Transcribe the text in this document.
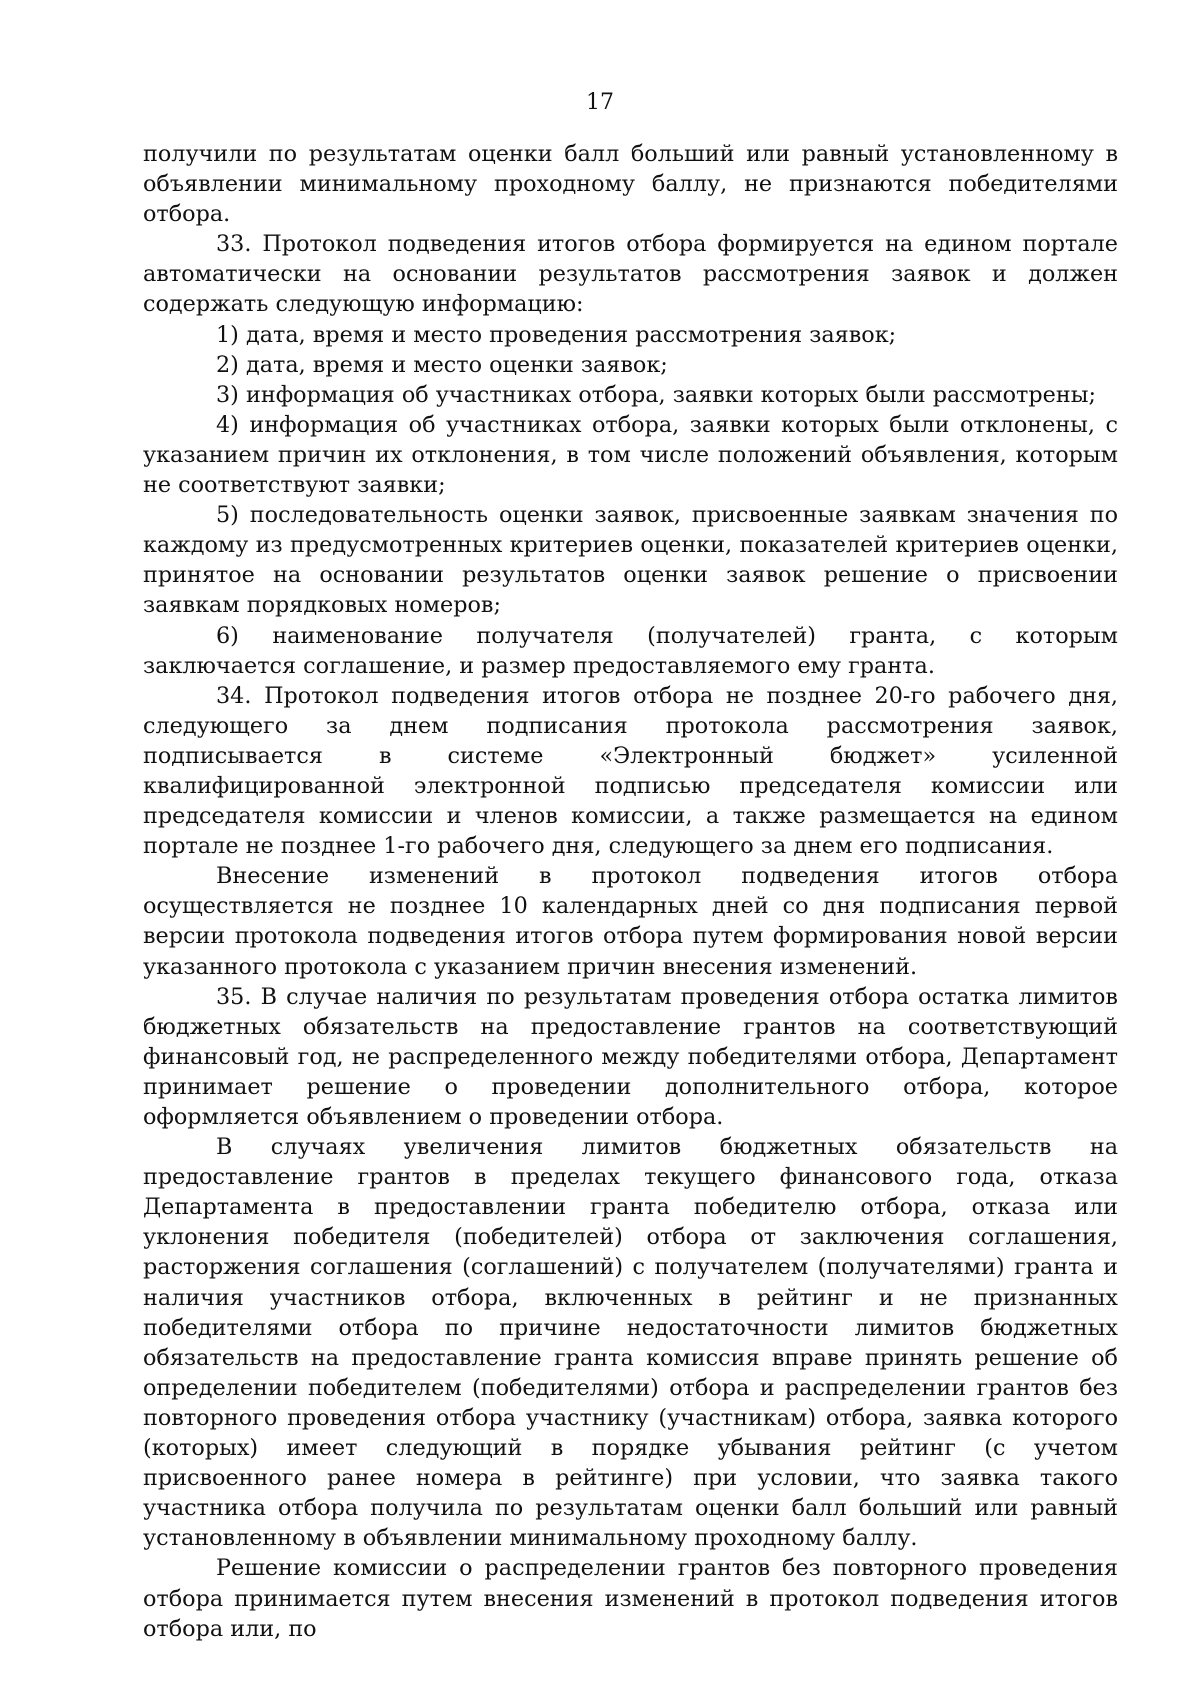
17

получили по результатам оценки балл больший или равный установленному в объявлении минимальному проходному баллу, не признаются победителями отбора.

33. Протокол подведения итогов отбора формируется на едином портале автоматически на основании результатов рассмотрения заявок и должен содержать следующую информацию:

1) дата, время и место проведения рассмотрения заявок;

2) дата, время и место оценки заявок;

3) информация об участниках отбора, заявки которых были рассмотрены;

4) информация об участниках отбора, заявки которых были отклонены, с указанием причин их отклонения, в том числе положений объявления, которым не соответствуют заявки;

5) последовательность оценки заявок, присвоенные заявкам значения по каждому из предусмотренных критериев оценки, показателей критериев оценки, принятое на основании результатов оценки заявок решение о присвоении заявкам порядковых номеров;

6) наименование получателя (получателей) гранта, с которым заключается соглашение, и размер предоставляемого ему гранта.

34. Протокол подведения итогов отбора не позднее 20-го рабочего дня, следующего за днем подписания протокола рассмотрения заявок, подписывается в системе «Электронный бюджет» усиленной квалифицированной электронной подписью председателя комиссии или председателя комиссии и членов комиссии, а также размещается на едином портале не позднее 1-го рабочего дня, следующего за днем его подписания.

Внесение изменений в протокол подведения итогов отбора осуществляется не позднее 10 календарных дней со дня подписания первой версии протокола подведения итогов отбора путем формирования новой версии указанного протокола с указанием причин внесения изменений.

35. В случае наличия по результатам проведения отбора остатка лимитов бюджетных обязательств на предоставление грантов на соответствующий финансовый год, не распределенного между победителями отбора, Департамент принимает решение о проведении дополнительного отбора, которое оформляется объявлением о проведении отбора.

В случаях увеличения лимитов бюджетных обязательств на предоставление грантов в пределах текущего финансового года, отказа Департамента в предоставлении гранта победителю отбора, отказа или уклонения победителя (победителей) отбора от заключения соглашения, расторжения соглашения (соглашений) с получателем (получателями) гранта и наличия участников отбора, включенных в рейтинг и не признанных победителями отбора по причине недостаточности лимитов бюджетных обязательств на предоставление гранта комиссия вправе принять решение об определении победителем (победителями) отбора и распределении грантов без повторного проведения отбора участнику (участникам) отбора, заявка которого (которых) имеет следующий в порядке убывания рейтинг (с учетом присвоенного ранее номера в рейтинге) при условии, что заявка такого участника отбора получила по результатам оценки балл больший или равный установленному в объявлении минимальному проходному баллу.

Решение комиссии о распределении грантов без повторного проведения отбора принимается путем внесения изменений в протокол подведения итогов отбора или, по
